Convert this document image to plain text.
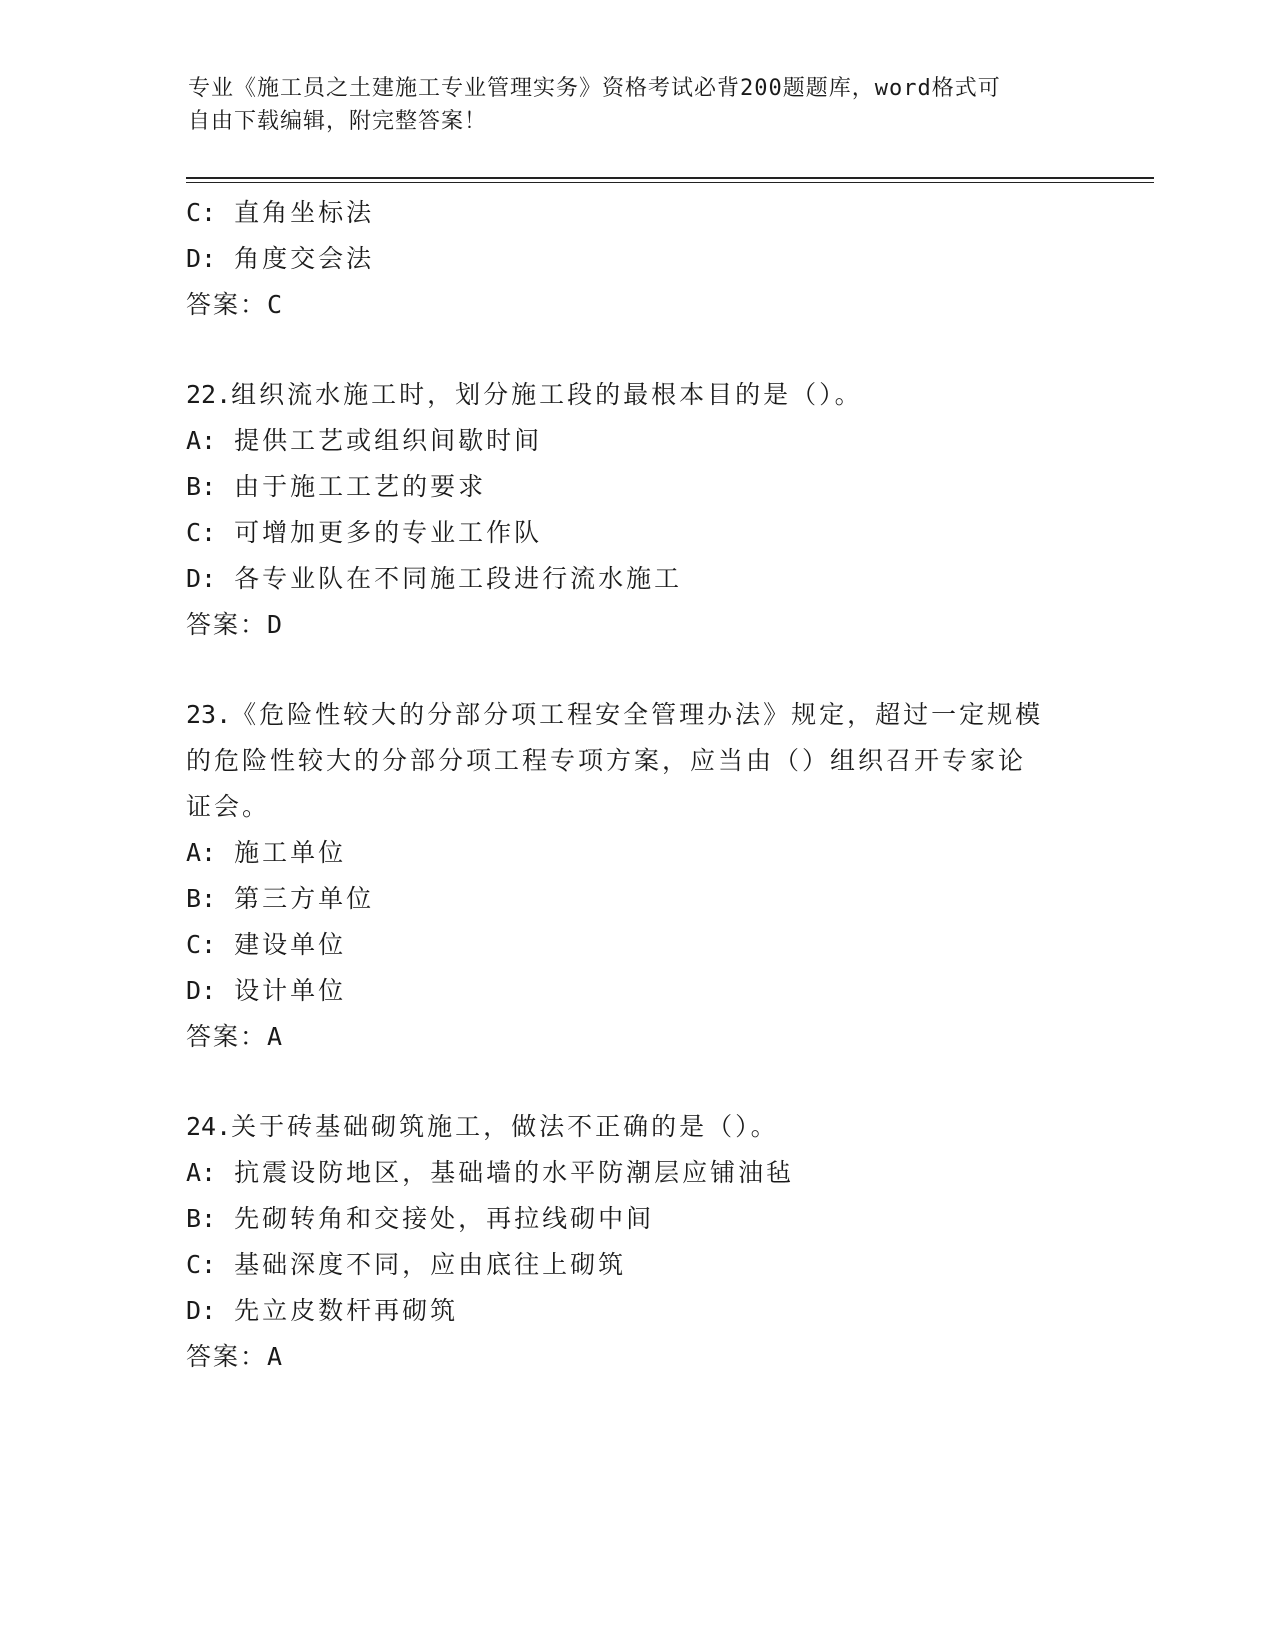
专业《施工员之土建施工专业管理实务》资格考试必背200题题库，word格式可
自由下载编辑，附完整答案！
C: 直角坐标法
D: 角度交会法
答案：C
22.组织流水施工时，划分施工段的最根本目的是（）。
A: 提供工艺或组织间歇时间
B: 由于施工工艺的要求
C: 可增加更多的专业工作队
D: 各专业队在不同施工段进行流水施工
答案：D
23.《危险性较大的分部分项工程安全管理办法》规定，超过一定规模
的危险性较大的分部分项工程专项方案，应当由（）组织召开专家论
证会。
A: 施工单位
B: 第三方单位
C: 建设单位
D: 设计单位
答案：A
24.关于砖基础砌筑施工，做法不正确的是（）。
A: 抗震设防地区，基础墙的水平防潮层应铺油毡
B: 先砌转角和交接处，再拉线砌中间
C: 基础深度不同，应由底往上砌筑
D: 先立皮数杆再砌筑
答案：A
